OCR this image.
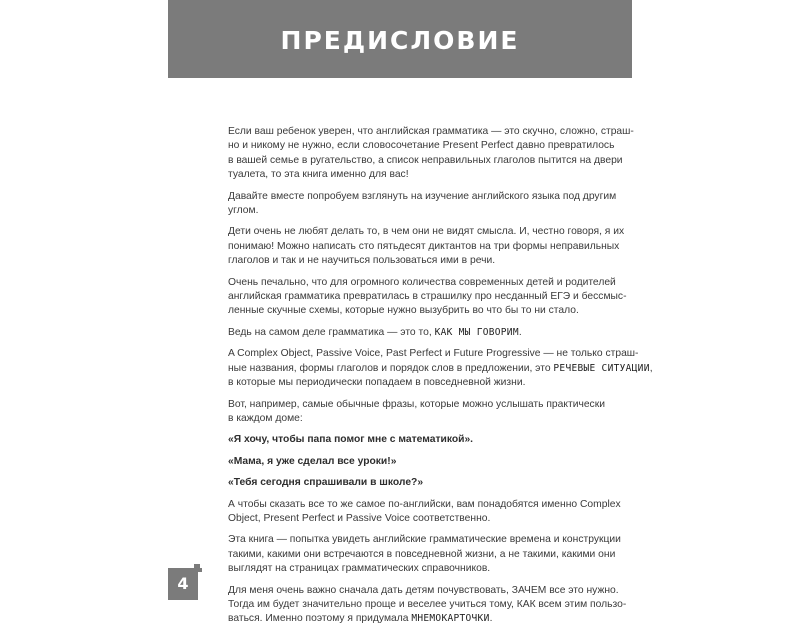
ПРЕДИСЛОВИЕ

Если ваш ребенок уверен, что английская грамматика — это скучно, сложно, страш-
но и никому не нужно, если словосочетание Present Perfect давно превратилось
в вашей семье в ругательство, а список неправильных глаголов пытится на двери
туалета, то эта книга именно для вас!

Давайте вместе попробуем взглянуть на изучение английского языка под другим
углом.

Дети очень не любят делать то, в чем они не видят смысла. И, честно говоря, я их
понимаю! Можно написать сто пятьдесят диктантов на три формы неправильных
глаголов и так и не научиться пользоваться ими в речи.

Очень печально, что для огромного количества современных детей и родителей
английская грамматика превратилась в страшилку про несданный ЕГЭ и бессмыс-
ленные скучные схемы, которые нужно вызубрить во что бы то ни стало.

Ведь на самом деле грамматика — это то, КАК МЫ ГОВОРИМ.

A Complex Object, Passive Voice, Past Perfect и Future Progressive — не только страш-
ные названия, формы глаголов и порядок слов в предложении, это РЕЧЕВЫЕ СИТУАЦИИ,
в которые мы периодически попадаем в повседневной жизни.

Вот, например, самые обычные фразы, которые можно услышать практически
в каждом доме:

«Я хочу, чтобы папа помог мне с математикой».

«Мама, я уже сделал все уроки!»

«Тебя сегодня спрашивали в школе?»

А чтобы сказать все то же самое по-английски, вам понадобятся именно Complex
Object, Present Perfect и Passive Voice соответственно.

Эта книга — попытка увидеть английские грамматические времена и конструкции
такими, какими они встречаются в повседневной жизни, а не такими, какими они
выглядят на страницах грамматических справочников.

Для меня очень важно сначала дать детям почувствовать, ЗАЧЕМ все это нужно.
Тогда им будет значительно проще и веселее учиться тому, КАК всем этим пользо-
ваться. Именно поэтому я придумала МНЕМОКАРТОЧКИ.

4
